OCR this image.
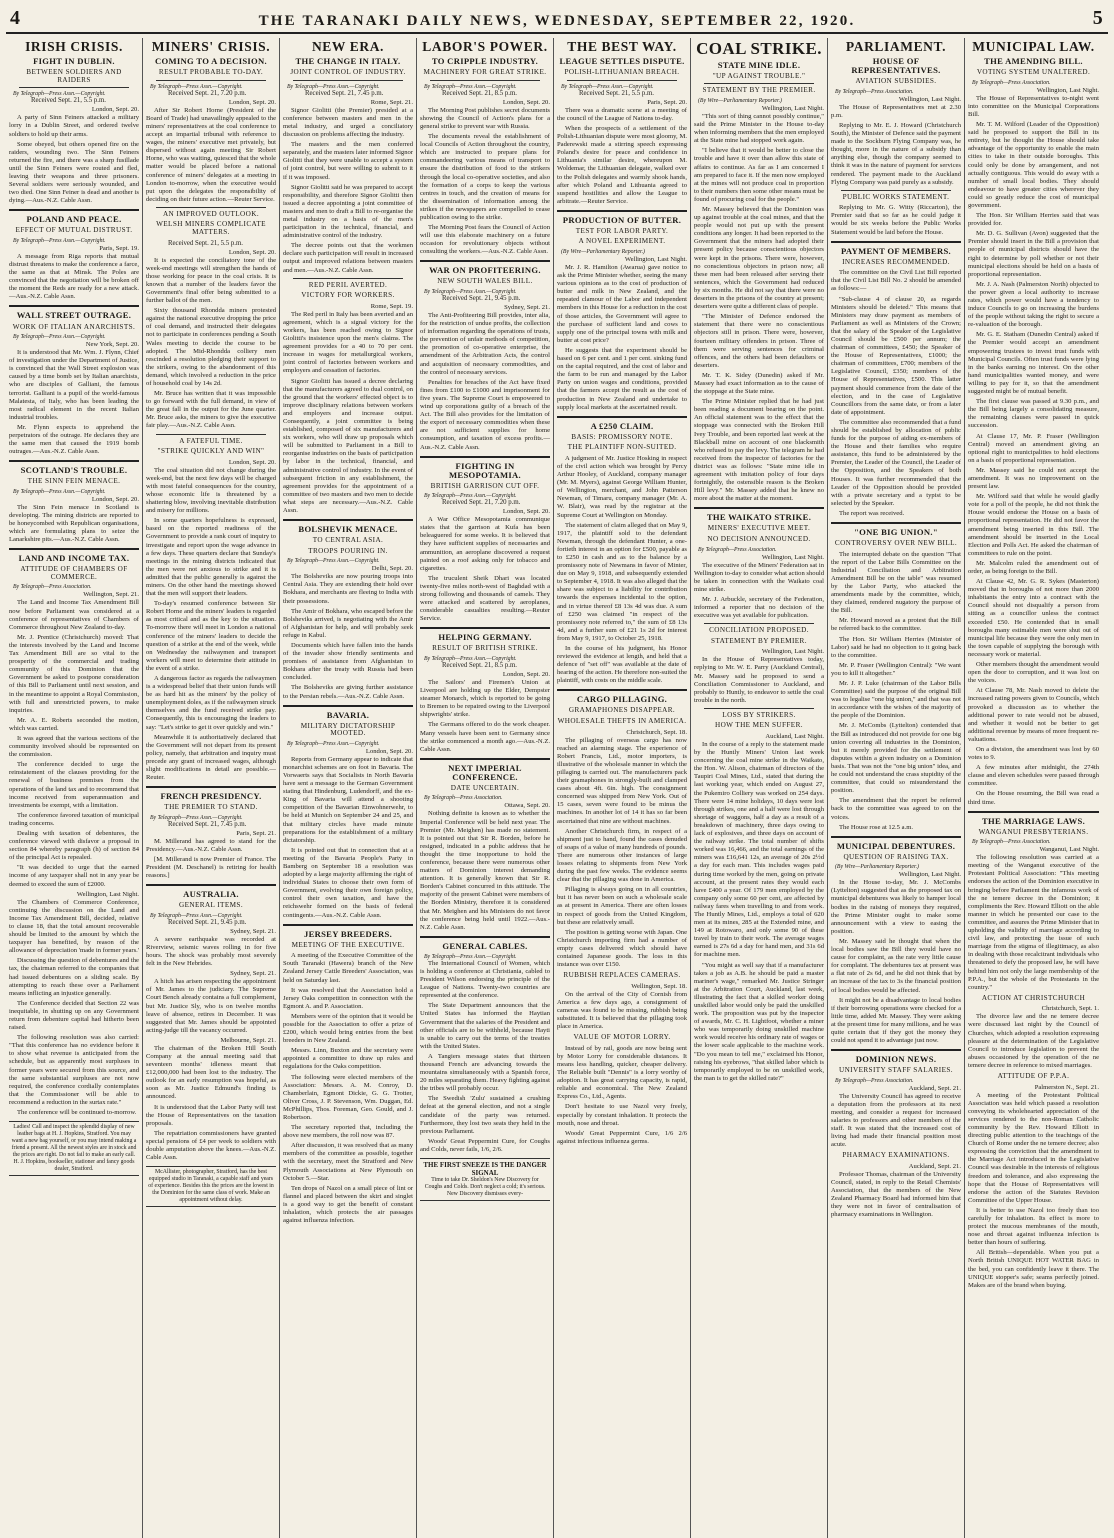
4	THE TARANAKI DAILY NEWS, WEDNESDAY, SEPTEMBER 22, 1920.	5
IRISH CRISIS.
FIGHT IN DUBLIN.
BETWEEN SOLDIERS AND RAIDERS
By Telegraph—Press Assn.—Copyright.
Received Sept. 21, 5.5 p.m.
London, Sept. 20.
A party of Sinn Feiners attacked a military lorry in a Dublin Street, and ordered twelve soldiers to hold up their arms.
Some obeyed, but others opened fire on the raiders, wounding two. The Sinn Feiners returned the fire, and there was a sharp fusillade until the Sinn Feiners were routed and fled, leaving their weapons and three prisoners. Several soldiers were seriously wounded, and two died. One Sinn Feiner is dead and another is dying.—Aus.-N.Z. Cable Assn.
POLAND AND PEACE.
EFFECT OF MUTUAL DISTRUST.
By Telegraph—Press Assn.—Copyright.
Paris, Sept. 19.
A message from Riga reports that mutual distrust threatens to make the conference a farce, the same as that at Minsk. The Poles are convinced that the negotiation will be broken off the moment the Reds are ready for a new attack.—Aus.-N.Z. Cable Assn.
WALL STREET OUTRAGE.
WORK OF ITALIAN ANARCHISTS.
By Telegraph—Press Assn.—Copyright.
New York, Sept. 20.
It is understood that Mr. Wm. J. Flynn, Chief of investigation under the Department of Justice, is convinced that the Wall Street explosion was caused by a time bomb set by Italian anarchists, who are disciples of Galliani, the famous terrorist. Galliani is a pupil of the world-famous Malatesta, of Italy, who has been leading the most radical element in the recent Italian industrial troubles.
Mr. Flynn expects to apprehend the perpetrators of the outrage. He declares they are the same men that caused the 1919 bomb outrages.—Aus.-N.Z. Cable Assn.
SCOTLAND'S TROUBLE.
THE SINN FEIN MENACE.
By Telegraph—Press Assn.—Copyright.
London, Sept. 20.
The Sinn Fein menace in Scotland is developing. The mining districts are reported to be honeycombed with Republican organisations, which are formulating plans to seize the Lanarkshire pits.—Aus.-N.Z. Cable Assn.
LAND AND INCOME TAX.
ATTITUDE OF CHAMBERS OF COMMERCE.
By Telegraph—Press Association.
Wellington, Sept. 21.
The Land and Income Tax Amendment Bill now before Parliament was considered at a conference of representatives of Chambers of Commerce throughout New Zealand to-day.
Mr. J. Prentice (Christchurch) moved: That the interests involved by the Land and Income Tax Amendment Bill are so vital to the prosperity of the commercial and trading community of this Dominion that the Government be asked to postpone consideration of this Bill to Parliament until next session, and in the meantime to appoint a Royal Commission, with full and unrestricted powers, to make inquiries.
Mr. A. E. Roberts seconded the motion, which was carried.
It was agreed that the various sections of the community involved should be represented on the commission.
The conference decided to urge the reinstatement of the clauses providing for the renewal of business premises from the operations of the land tax and to recommend that income received from superannuation and investments be exempt, with a limitation.
The conference favored taxation of municipal trading concerns.
Dealing with taxation of debentures, the conference viewed with disfavor a proposal in section 84 whereby paragraph (h) of section 84 of the principal Act is repealed.
"It was decided to urge that the earned income of any taxpayer shall not in any year be deemed to exceed the sum of £2000.
Wellington, Last Night.
The Chambers of Commerce Conference, continuing the discussion on the Land and Income Tax Amendment Bill, decided, relative to clause 18, that the total amount recoverable should be limited to the amount by which the taxpayer has benefited, by reason of the allowance of depreciation 'made in former years.'
Discussing the question of debentures and the tax, the chairman referred to the companies that had issued debentures on a sliding scale. By attempting to reach these over a Parliament means inflicting an injustice generally.
The Conference decided that Section 22 was inequitable, in shutting up on any Government return from debenture capital had hitherto been raised.
The following resolution was also carried: "That this conference has no evidence before it to show what revenue is anticipated from the schedule, but as apparently most surpluses in former years were secured from this source, and the same substantial surpluses are not now required, the conference cordially contemplates that the Commissioner will be able to recommend a reduction in the surtax rate."
The conference will be continued to-morrow.
Ladies! Call and inspect the splendid display of new leather bags at H. J. Hopkins, Stratford. You may want a new bag yourself, or you may intend making a friend a present. All the newest styles are in stock and the prices are right. Do not fail to make an early call. H. J. Hopkins, bookseller, stationer and fancy goods dealer, Stratford.
MINERS' CRISIS.
COMING TO A DECISION.
RESULT PROBABLE TO-DAY.
By Telegraph—Press Assn.—Copyright.
Received Sept. 21, 7.20 p.m.
London, Sept. 20.
After Sir Robert Horne (President of the Board of Trade) had unavailingly appealed to the miners' representatives at the coal conference to accept an impartial tribunal with reference to wages, the miners' executive met privately, but dispersed without again meeting Sir Robert Horne, who was waiting, quiesced that the whole matter would be placed before a national conference of miners' delegates at a meeting in London to-morrow, when the executive would put upon the delegates the responsibility of deciding on their future action.—Reuter Service.
AN IMPROVED OUTLOOK.
WELSH MINERS COMPLICATE MATTERS.
Received Sept. 21, 5.5 p.m.
London, Sept. 20.
It is expected the conciliatory tone of the week-end meetings will strengthen the hands of those working for peace in the coal crisis. It is known that a number of the leaders favor the Government's final offer being submitted to a further ballot of the men.
Sixty thousand Rhondda miners protested against the national executive dropping the price of coal demand, and instructed their delegates not to participate in conferences pending a South Wales meeting to decide the course to be adopted. The Mid-Rhondda colliery men rescinded a resolution pledging their support to the strikers, owing to the abandonment of this demand, which involved a reduction in the price of household coal by 14s 2d.
Mr. Bruce has written that it was impossible to go forward with the full demand, in view of the great fall in the output for the June quarter. Mr. Bruce asks, the miners to give the executive fair play.—Aus.-N.Z. Cable Assn.
A FATEFUL TIME.
"STRIKE QUICKLY AND WIN"
London, Sept. 20.
The coal situation did not change during the week-end, but the next few days will be charged with most fateful consequences for the country, whose economic life is threatened by a shattering blow, involving inevitable distribution and misery for millions.
In some quarters hopefulness is expressed, based on the reported readiness of the Government to provide a rank court of inquiry to investigate and report upon the wage advance in a few days. These quarters declare that Sunday's meetings in the mining districts indicated that the men were not anxious to strike and it is admitted that the public generally is against the miners. On the other hand the meetings showed that the men will support their leaders.
To-day's resumed conference between Sir Robert Horne and the miners' leaders is regarded as most critical and as the key to the situation. To-morrow there will meet in London a national conference of the miners' leaders to decide the question of a strike at the end of the week, while on Wednesday the railwaymen and transport workers will meet to determine their attitude in the event of a strike.
A dangerous factor as regards the railwaymen is a widespread belief that their union funds will be as hard hit as the miners' by the policy of unemployment doles, as if the railwaymen struck themselves and the fund received strike pay. Consequently, this is encouraging the leaders to say: "Let's strike to get it over quickly and win."
Meanwhile it is authoritatively declared that the Government will not depart from its present policy, namely, that arbitration and inquiry must precede any grant of increased wages, although slight modifications in detail are possible.—Reuter.
FRENCH PRESIDENCY.
THE PREMIER TO STAND.
By Telegraph—Press Assn.—Copyright.
Received Sept. 21, 7.45 p.m.
Paris, Sept. 21.
M. Millerand has agreed to stand for the Presidency.—Aus.-N.Z. Cable Assn.
[M. Millerand is now Premier of France. The President (M. Deschanel) is retiring for health reasons.]
AUSTRALIA.
GENERAL ITEMS.
By Telegraph—Press Assn.—Copyright.
Received Sept. 21, 9.45 p.m.
Sydney, Sept. 21.
A severe earthquake was recorded at Riverview, seismic waves rolling in for five hours. The shock was probably most severely felt in the New Hebrides.
Sydney, Sept. 21.
A hitch has arisen respecting the appointment of Mr. James to the judiciary. The Supreme Court Bench already contains a full complement, but Mr. Justice Sly, who is on twelve months leave of absence, retires in December. It was suggested that Mr. James should be appointed acting-judge till the vacancy occurred.
Melbourne, Sept. 21.
The chairman of the Broken Hill South Company at the annual meeting said that seventeen months' idleness meant that £12,000,000 had been lost to the industry. The outlook for an early resumption was hopeful, as soon as Mr. Justice Edmund's finding is announced.
It is understood that the Labor Party will test the House of Representatives on the taxation proposals.
The repatriation commissioners have granted special pensions of £4 per week to soldiers with double amputation above the knees.—Aus.-N.Z. Cable Assn.
McAllister, photographer, Stratford, has the best equipped studio in Taranaki, a capable staff and years of experience. Besides this the prices are the lowest in the Dominion for the same class of work. Make an appointment without delay.
NEW ERA.
THE CHANGE IN ITALY.
JOINT CONTROL OF INDUSTRY.
By Telegraph—Press Assn.—Copyright.
Received Sept. 21, 7.45 p.m.
Rome, Sept. 21.
Signor Giolitti (the Premier) presided at a conference between masters and men in the metal industry, and urged a conciliatory discussion on problems affecting the industry.
The masters and the men conferred separately, and the masters later informed Signor Giolitti that they were unable to accept a system of joint control, but were willing to submit to it if it was imposed.
Signor Giolitti said he was prepared to accept responsibility, and therefore Signor Giolitti then issued a decree appointing a joint committee of masters and men to draft a Bill to re-organise the metal industry on a basis of the men's participation in the technical, financial, and administrative control of the industry.
The decree points out that the workmen declare such participation will result in increased output and improved relations between masters and men.—Aus.-N.Z. Cable Assn.
RED PERIL AVERTED.
VICTORY FOR WORKERS.
Rome, Sept. 19.
The Red peril in Italy has been averted and an agreement, which is a signal victory for the workers, has been reached owing to Signor Giolitti's insistence upon the men's claims. The agreement provides for a 40 to 70 per cent. increase in wages for metallurgical workers, joint control of factories between workers and employers and cessation of factories.
Signor Giolitti has issued a decree declaring that the manufacturers agreed to dual control, on the ground that the workers' effected object is to improve disciplinary relations between workers and employers and increase output. Consequently, a joint committee is being established, composed of six manufacturers and six workers, who will draw up proposals which will be submitted to Parliament in a Bill to reorganise industries on the basis of participation by labor in the technical, financial, and administrative control of industry. In the event of subsequent friction in any establishment, the agreement provides for the appointment of a committee of two masters and two men to decide what steps are necessary.—Aus.-N.Z. Cable Assn.
BOLSHEVIK MENACE.
TO CENTRAL ASIA.
TROOPS POURING IN.
By Telegraph—Press Assn.—Copyright.
Delhi, Sept. 20.
The Bolsheviks are now pouring troops into Central Asia. They are extending their hold over Bokhara, and merchants are fleeing to India with their possessions.
The Amir of Bokhara, who escaped before the Bolsheviks arrived, is negotiating with the Amir of Afghanistan for help, and will probably seek refuge in Kabul.
Documents which have fallen into the hands of the invader show friendly sentiments and promises of assistance from Afghanistan to Bokhara after the treaty with Russia had been concluded.
The Bolsheviks are giving further assistance to the Persian rebels.—Aus.-N.Z. Cable Assn.
BAVARIA.
MILITARY DICTATORSHIP MOOTED.
By Telegraph—Press Assn.—Copyright.
London, Sept. 20.
Reports from Germany appear to indicate that monarchist schemes are on foot in Bavaria. The Vorwaerts says that Socialists in North Bavaria have sent a message to the German Government stating that Hindenburg, Ludendorff, and the ex-King of Bavaria will attend a shooting competition of the Bavarian Einwohnerwehr, to be held at Munich on September 24 and 25, and that military circles have made minute preparations for the establishment of a military dictatorship.
It is pointed out that in connection that at a meeting of the Bavaria People's Party in Bamberg on September 18 a resolution was adopted by a large majority affirming the right of individual States to choose their own form of Government, evolving their own foreign policy, control their own taxation, and have the reichswehr formed on the basis of federal contingents.—Aus.-N.Z. Cable Assn.
JERSEY BREEDERS.
MEETING OF THE EXECUTIVE.
A meeting of the Executive Committee of the South Taranaki (Hawera) branch of the New Zealand Jersey Cattle Breeders' Association, was held on Saturday last.
It was resolved that the Association hold a Jersey Oaks competition in connection with the Egmont A. and P. Association.
Members were of the opinion that it would be possible for the Association to offer a prize of £200, which would bring entries from the best breeders in New Zealand.
Messrs. Linn, Buxton and the secretary were appointed a committee to draw up rules and regulations for the Oaks competition.
The following were elected members of the Association: Messrs. A. M. Conroy, D. Chamberlain, Egmont Dickie, G. G. Trotter, Oliver Cross, J. P. Stevenson, Wm. Duggan, Ed. McPhillips, Thos. Foreman, Geo. Gould, and J. Robertson.
The secretary reported that, including the above new members, the roll now was 87.
After discussion, it was resolved that as many members of the committee as possible, together with the secretary, meet the Stratford and New Plymouth Associations at New Plymouth on October 5.—Star.
Ten drops of Nazol on a small piece of lint or flannel and placed between the skirt and singlet is a good way to get the benefit of constant inhalation, which protects the air passages against influenza infection.
LABOR'S POWER.
TO CRIPPLE INDUSTRY.
MACHINERY FOR GREAT STRIKE.
By Telegraph—Press Assn.—Copyright.
Received Sept. 21, 8.5 p.m.
London, Sept. 20.
The Morning Post publishes secret documents showing the Council of Action's plans for a general strike to prevent war with Russia.
The documents reveal the establishment of local Councils of Action throughout the country, which are instructed to prepare plans for commandeering various means of transport to ensure the distribution of food to the strikers through the local co-operative societies, and also the formation of a corps to keep the various centres in touch, and the creation of means for the dissemination of information among the strikes if the newspapers are compelled to cease publication owing to the strike.
The Morning Post fears the Council of Action will use this elaborate machinery on a future occasion for revolutionary objects without consulting the workers.—Aus.-N.Z. Cable Assn.
WAR ON PROFITEERING.
NEW SOUTH WALES BILL.
By Telegraph—Press Assn.—Copyright.
Received Sept. 21, 9.45 p.m.
Sydney, Sept. 21.
The Anti-Profiteering Bill provides, inter alia, for the restriction of undue profits, the collection of information regarding the operations of trusts, the prevention of unfair methods of competition, the promotion of co-operative enterprise, the amendment of the Arbitration Acts, the control and acquisition of necessary commodities, and the control of necessary services.
Penalties for breaches of the Act have fixed fines from £100 to £1000 and imprisonment for five years. The Supreme Court is empowered to wind up corporations guilty of a breach of the Act. The Bill also provides for the limitation of the export of necessary commodities when these are not sufficient supplies for home consumption, and taxation of excess profits.—Aus.-N.Z. Cable Assn.
FIGHTING IN MESOPOTAMIA.
BRITISH GARRISON CUT OFF.
By Telegraph—Press Assn.—Copyright.
Received Sept. 21, 7.20 p.m.
London, Sept. 20.
A War Office Mesopotamia communique states that the garrison at Kufa has been beleaguered for some weeks. It is believed that they have sufficient supplies of necessaries and ammunition, an aeroplane discovered a request painted on a roof asking only for tobacco and cigarettes.
The truculent Sheik Dhari was located twenty-five miles north-west of Baghdad with a strong following and thousands of camels. They were attacked and scattered by aeroplanes, considerable casualties resulting.—Reuter Service.
HELPING GERMANY.
RESULT OF BRITISH STRIKE.
By Telegraph—Press Assn.—Copyright.
Received Sept. 21, 8.5 p.m.
London, Sept. 20.
The Sailors' and Firemen's Union at Liverpool are holding up the Elder, Dempster steamer Monarch, which is reported to be going to Bremen to be repaired owing to the Liverpool shipwrights' strike.
The Germans offered to do the work cheaper. Many vessels have been sent to Germany since the strike commenced a month ago.—Aus.-N.Z. Cable Assn.
NEXT IMPERIAL CONFERENCE.
DATE UNCERTAIN.
By Telegraph—Press Association.
Ottawa, Sept. 20.
Nothing definite is known as to whether the Imperial Conference will be held next year. The Premier (Mr. Meighen) has made no statement. It is pointed out that Sir R. Borden, before he resigned, indicated in a public address that he thought the time inopportune to hold the conference, because there were numerous other matters of Dominion interest demanding attention. It is generally known that Sir R. Borden's Cabinet concurred in this attitude. The majority of the present Cabinet were members of the Borden Ministry, therefore it is considered that Mr. Meighen and his Ministers do not favor the conference being held until 1922.—Aus.-N.Z. Cable Assn.
GENERAL CABLES.
By Telegraph—Press Assn.—Copyright.
The International Council of Women, which is holding a conference at Christiania, cabled to President Wilson endorsing the principle of the League of Nations. Twenty-two countries are represented at the conference.
The State Department announces that the United States has informed the Haytian Government that the salaries of the President and other officials are to be withheld, because Hayti is unable to carry out the terms of the treaties with the United States.
A Tangiers message states that thirteen thousand French are advancing towards the mountains simultaneously with a Spanish force, 20 miles separating them. Heavy fighting against the tribes will probably occur.
The Swedish 'Zulu' sustained a crushing defeat at the general election, and not a single candidate of the party was returned. Furthermore, they lost two seats they held in the previous Parliament.
Woods' Great Peppermint Cure, for Coughs and Colds, never fails, 1/6, 2/6.
THE FIRST SNEEZE IS THE DANGER SIGNAL
Time to take Dr. Sheldon's New Discovery for Coughs and Colds. Don't neglect a cold; it's serious. New Discovery dismisses every-
THE BEST WAY.
LEAGUE SETTLES DISPUTE.
POLISH-LITHUANIAN BREACH.
By Telegraph—Press Assn.—Copyright.
Received Sept. 21, 5.5 p.m.
Paris, Sept. 20.
There was a dramatic scene at a meeting of the council of the League of Nations to-day.
When the prospects of a settlement of the Polish-Lithuanian dispute were most gloomy, M. Paderewski made a stirring speech expressing Poland's desire for peace and confidence in Lithuania's similar desire, whereupon M. Woldemar, the Lithuanian delegate, walked over to the Polish delegates and warmly shook hands, after which Poland and Lithuania agreed to suspend hostilities and allow the League to arbitrate.—Reuter Service.
PRODUCTION OF BUTTER.
TEST FOR LABOR PARTY.
A NOVEL EXPERIMENT.
(By Wire—Parliamentary Reporter.)
Wellington, Last Night.
Mr. J. R. Hamilton (Awarua) gave notice to ask the Prime Minister whether, seeing the many various opinions as to the cost of production of butter and milk in New Zealand, and the repeated clamour of the Labor and independent members in this House for a reduction in the cost of those articles, the Government will agree to the purchase of sufficient land and cows to supply one of the principal towns with milk and butter at cost price?
He suggests that the experiment should be based on 6 per cent. and 1 per cent. sinking fund on the capital required, and the cost of labor and the farm to be run and managed by the Labor Party on union wages and conditions, provided that the farmers accept the result as the cost of production in New Zealand and undertake to supply local markets at the ascertained result.
A £250 CLAIM.
BASIS: PROMISSORY NOTE.
THE PLAINTIFF NON-SUITED.
A judgment of Mr. Justice Hosking in respect of the civil action which was brought by Percy Arthur Hooley, of Auckland, company manager (Mr. M. Myers), against George William Hunter, of Wellington, merchant, and John Patterson Newman, of Timaru, company manager (Mr. A. W. Blair), was read by the registrar at the Supreme Court at Wellington on Monday.
The statement of claim alleged that on May 9, 1917, the plaintiff sold to the defendant Newman, through the defendant Hunter, a one-fortieth interest in an option for £500, payable as to £250 in cash and as to the balance by a promissory note of Newmans in favor of Minter, due on May 9, 1918, and subsequently extended to September 4, 1918. It was also alleged that the share was subject to a liability for contribution towards the expenses incidental to the option, and in virtue thereof £8 13s 4d was due. A sum of £250 was claimed "in respect of the promissory note referred to," the sum of £8 13s 4d, and a further sum of £21 1s 2d for interest from May 9, 1917, to October 25, 1918.
In the course of his judgment, his Honor reviewed the evidence at length, and held that a defence of "set off" was available at the date of hearing of the action. He therefore non-suited the plaintiff, with costs on the middle scale.
CARGO PILLAGING.
GRAMAPHONES DISAPPEAR.
WHOLESALE THEFTS IN AMERICA.
Christchurch, Sept. 18.
The pillaging of overseas cargo has now reached an alarming stage. The experience of Robert Francis, Ltd., motor importers, is illustrative of the wholesale manner in which the pillaging is carried out. The manufacturers pack their gramaphones in strongly-built and clamped cases about 4ft. 6in. high. The consignment concerned was shipped from New York. Out of 15 cases, seven were found to be minus the machines. In another lot of 14 it has so far been ascertained that nine are without machines.
Another Christchurch firm, in respect of a shipment just to hand, found the cases denuded of soaps of a value of many hundreds of pounds. There are numerous other instances of large losses relating to shipments from New York during the past few weeks. The evidence seems clear that the pillaging was done in America.
Pillaging is always going on in all countries, but it has never been on such a wholesale scale as at present in America. There are often losses in respect of goods from the United Kingdom, but these are relatively small.
The position is getting worse with Japan. One Christchurch importing firm had a number of empty cases delivered which should have contained Japanese goods. The loss in this instance was over £150.
RUBBISH REPLACES CAMERAS.
Wellington, Sept. 18.
On the arrival of the City of Cornish from America a few days ago, a consignment of cameras was found to be missing, rubbish being substituted. It is believed that the pillaging took place in America.
VALUE OF MOTOR LORRY.
Instead of by rail, goods are now being sent by Motor Lorry for considerable distances. It means less handling, quicker, cheaper delivery. The Reliable built "Dennis" is a lorry worthy of adoption. It has great carrying capacity, is rapid, reliable and economical. The New Zealand Express Co., Ltd., Agents.
Don't hesitate to use Nazol very freely, especially by constant inhalation. It protects the mouth, nose and throat.
Woods' Great Peppermint Cure, 1/6 2/6 against infectious influenza germs.
COAL STRIKE.
STATE MINE IDLE.
"UP AGAINST TROUBLE."
STATEMENT BY THE PREMIER.
(By Wire—Parliamentary Reporter.)
Wellington, Last Night.
"This sort of thing cannot possibly continue," said the Prime Minister in the House to-day when informing members that the men employed at the State mine had stopped work again.
"I believe that it would be better to close the trouble and have it over than allow this state of affairs to continue. As far as I am concerned I am prepared to face it. If the men now employed at the mines will not produce coal in proportion to their numbers then some other means must be found of procuring coal for the people."
Mr. Massey believed that the Dominion was up against trouble at the coal mines, and that the people would not put up with the present conditions any longer. It had been reported to the Government that the miners had adopted their present policy because conscientious objectors were kept in the prisons. There were, however, no conscientious objectors in prison now; all these men had been released after serving their sentences, which the Government had reduced by six months. He did not say that there were no deserters in the prisons of the country at present; deserters were quite a different class of people.
"The Minister of Defence endorsed the statement that there were no conscientious objectors still in prison. There were, however, fourteen military offenders in prison. Three of them were serving sentences for criminal offences, and the others had been defaulters or deserters.
Mr. T. K. Sidey (Dunedin) asked if Mr. Massey had exact information as to the cause of the stoppage at the State mine.
The Prime Minister replied that he had just been reading a document bearing on the point. An official statement was to the effect that the stoppage was connected with the Broken Hill Ivey Trouble, and been reported last week at the Blackball mine on account of one blacksmith who refused to pay the levy. The telegram he had received from the inspector of factories for the district was as follows: "State mine idle in agreement with imitation policy of four days fortnightly, the ostensible reason is the Broken Hill levy." Mr. Massey added that he knew no more about the matter at the moment.
THE WAIKATO STRIKE.
MINERS' EXECUTIVE MEET.
NO DECISION ANNOUNCED.
By Telegraph—Press Association.
Wellington, Last Night.
The executive of the Miners' Federation sat in Wellington to-day to consider what action should be taken in connection with the Waikato coal mine strike.
Mr. J. Arbuckle, secretary of the Federation, informed a reporter that no decision of the executive was yet available for publication.
CONCILIATION PROPOSED.
STATEMENT BY PREMIER.
Wellington, Last Night.
In the House of Representatives today, replying to Mr. W. E. Parry (Auckland Central), Mr. Massey said he proposed to send a Conciliation Commissioner to Auckland, and probably to Huntly, to endeavor to settle the coal trouble in the north.
LOSS BY STRIKERS.
HOW THE MEN SUFFER.
Auckland, Last Night.
In the course of a reply to the statement made by the Huntly Miners' Union last week concerning the coal mine strike in the Waikato, the Hon. W. Alison, chairman of directors of the Taupiri Coal Mines, Ltd., stated that during the last working year, which ended on August 27, the Pukemiro Colliery was worked on 254 days. There were 14 mine holidays, 10 days were lost through strikes, one and a half were lost through shortage of waggons, half a day as a result of a breakdown of machinery, three days owing to lack of explosives, and three days on account of the railway strike. The total number of shifts worked was 16,466, and the total earnings of the miners was £16,641 12s, an average of 20s 2½d a day for each man. This includes wages paid during time worked by the men, going on private account, at the present rates they would each have £400 a year. Of 179 men employed by the company only some 60 per cent, are affected by railway fares when travelling to and from work. The Huntly Mines, Ltd., employs a total of 620 men at its mines, 285 at the Extended mine, and 149 at Rotowaro, and only some 90 of these travel by train to their work. The average wages earned is 27s 6d a day for hand men, and 31s 6d for machine men.
"You might as well say that if a manufacturer takes a job as A.B. he should be paid a master mariner's wage," remarked Mr. Justice Stringer at the Arbitration Court, Auckland, last week, illustrating the fact that a skilled worker doing unskilled labor would only be paid the unskilled work. The proposition was put by the inspector of awards, Mr. C. H. Lightfoot, whether a miner who was temporarily doing unskilled machine work would receive his ordinary rate of wages or the lower scale applicable to the machine work. "Do you mean to tell me," exclaimed his Honor, raising his eyebrows, "that skilled labor which is temporarily employed to be on unskilled work, the man is to get the skilled rate?"
PARLIAMENT.
HOUSE OF REPRESENTATIVES.
AVIATION SUBSIDIES.
By Telegraph—Press Association.
Wellington, Last Night.
The House of Representatives met at 2.30 p.m.
Replying to Mr. E. J. Howard (Christchurch South), the Minister of Defence said the payment made to the Sockburn Flying Company was, he thought, more in the nature of a subsidy than anything else, though the company seemed to think it was in the nature of payment for services rendered. The payment made to the Auckland Flying Company was paid purely as a subsidy.
PUBLIC WORKS STATEMENT.
Replying to Mr. G. Witty (Riccarton), the Premier said that so far as he could judge it would be six weeks before the Public Works Statement would be laid before the House.
PAYMENT OF MEMBERS.
INCREASES RECOMMENDED.
The committee on the Civil List Bill reported that the Civil List Bill No. 2 should be amended as follows:—
"Sub-clause 4 of clause 20, as regards Ministers should be deleted." This means that Ministers may draw payment as members of Parliament as well as Ministers of the Crown; that the salary of the Speaker of the Legislative Council should be £500 per annum; the chairman of committees, £450; the Speaker of the House of Representatives, £1000; the chairman of committees, £700; members of the Legislative Council, £350; members of the House of Representatives, £500. This latter payment should commence from the date of the election, and in the case of Legislative Councillors from the same date, or from a later date of appointment.
The committee also recommended that a fund should be established by allocation of public funds for the purpose of aiding ex-members of the House and their families who require assistance, this fund to be administered by the Premier, the Leader of the Council, the Leader of the Opposition, and the Speakers of both Houses. It was further recommended that the Leader of the Opposition should be provided with a private secretary and a typist to be selected by the Speaker.
The report was received.
"ONE BIG UNION."
CONTROVERSY OVER NEW BILL.
The interrupted debate on the question "That the report of the Labor Bills Committee on the Industrial Conciliation and Arbitration Amendment Bill be on the table" was resumed by the Labor Party, who attacked the amendments made by the committee, which, they claimed, rendered nugatory the purpose of the Bill.
Mr. Howard moved as a protest that the Bill be referred back to the committee.
The Hon. Sir William Herries (Minister of Labor) said he had no objection to it going back to the committee.
Mr. P. Fraser (Wellington Central): "We want you to kill it altogether."
Mr. J. P. Luke (chairman of the Labor Bills Committee) said the purpose of the original Bill was to legalise "one big union," and that was not in accordance with the wishes of the majority of the people of the Dominion.
Mr. J. McCombs (Lyttelton) contended that the Bill as introduced did not provide for one big union covering all industries in the Dominion, but it merely provided for the settlement of disputes within a given industry on a Dominion basis. That was not the "one big union" idea, and he could not understand the crass stupidity of the committee, that could so misunderstand the position.
The amendment that the report be referred back to the committee was agreed to on the voices.
The House rose at 12.5 a.m.
MUNICIPAL DEBENTURES.
QUESTION OF RAISING TAX.
(By Wire—Parliamentary Reporter.)
Wellington, Last Night.
In the House to-day, Mr. J. McCombs (Lyttelton) suggested that as the proposed tax on municipal debentures was likely to hamper local bodies in the raising of moneys they required, the Prime Minister ought to make some announcement with a view to easing the position.
Mr. Massey said he thought that when the local bodies saw the Bill they would have no cause for complaint, as the rate very little cause for complaint. The debentures tax at present was a flat rate of 2s 6d, and he did not think that by an increase of the tax to 3s the financial position of local bodies would be affected.
It might not be a disadvantage to local bodies if their borrowing operations were checked for a little time, added Mr. Massey. They were asking at the present time for many millions, and he was quite certain that if they got the money they could not spend it to advantage just now.
DOMINION NEWS.
UNIVERSITY STAFF SALARIES.
By Telegraph—Press Association.
Auckland, Sept. 21.
The University Council has agreed to receive a deputation from the professors at its next meeting, and consider a request for increased salaries to professors and other members of the staff. It was stated that the increased cost of living had made their financial position most acute.
PHARMACY EXAMINATIONS.
Auckland, Sept. 21.
Professor Thomas, chairman of the University Council, stated, in reply to the Retail Chemists' Association, that the members of the New Zealand Pharmacy Board had informed him that they were not in favor of centralisation of pharmacy examinations in Wellington.
MUNICIPAL LAW.
THE AMENDING BILL.
VOTING SYSTEM UNALTERED.
By Telegraph—Press Association.
Wellington, Last Night.
The House of Representatives to-night went into committee on the Municipal Corporations Bill.
Mr. T. M. Wilford (Leader of the Opposition) said he proposed to support the Bill in its entirety, but he thought the House should take advantage of the opportunity to enable the main cities to take in their outside boroughs. This could only be done by arrangement, and not actually contiguous. This would do away with a number of small local bodies. They should endeavour to have greater cities wherever they could so greatly reduce the cost of municipal government.
The Hon. Sir William Herries said that was provided for.
Mr. D. G. Sullivan (Avon) suggested that the Premier should insert in the Bill a provision that people of municipal districts should have the right to determine by poll whether or not their municipal elections should be held on a basis of proportional representation.
Mr. J. A. Nash (Palmerston North) objected to the power given a local authority to increase rates, which power would have a tendency to induce Councils to go on increasing the burdens of the people without taking the right to secure a re-valuation of the borough.
Mr. G. E. Statham (Dunedin Central) asked if the Premier would accept an amendment empowering trustees to invest trust funds with Municipal Councils. Often trust funds were lying in the banks earning no interest. On the other hand municipalities wanted money, and were willing to pay for it, so that the amendment suggested might be of mutual benefit.
The first clause was passed at 9.30 p.m., and the Bill being largely a consolidating measure, the remaining clauses were passed in quick succession.
At Clause 17, Mr. P. Fraser (Wellington Central) moved an amendment giving an optional right to municipalities to hold elections on a basis of proportional representation.
Mr. Massey said he could not accept the amendment. It was no improvement on the present law.
Mr. Wilford said that while he would gladly vote for a poll of the people, he did not think the House would endorse the House on a basis of proportional representation. He did not favor the amendment being inserted in this Bill. The amendment should be inserted in the Local Election and Polls Act. He asked the chairman of committees to rule on the point.
Mr. Malcolm ruled the amendment out of order, as being foreign to the Bill.
At Clause 42, Mr. G. R. Sykes (Masterton) moved that in boroughs of not more than 2000 inhabitants the entry into a contract with the Council should not disqualify a person from sitting as a councillor unless the contract exceeded £50. He contended that in small boroughs many estimable men were shut out of municipal life because they were the only men in the town capable of supplying the borough with necessary work or material.
Other members thought the amendment would open the door to corruption, and it was lost on the voices.
At Clause 78, Mr. Nash moved to delete the increased rating powers given to Councils, which provoked a discussion as to whether the additional power to rate would not be abused, and whether it would not be better to get additional revenue by means of more frequent re-valuations.
On a division, the amendment was lost by 60 votes to 9.
A few minutes after midnight, the 274th clause and eleven schedules were passed through committee.
On the House resuming, the Bill was read a third time.
THE MARRIAGE LAWS.
WANGANUI PRESBYTERIANS.
By Telegraph—Press Association.
Wanganui, Last Night.
The following resolution was carried at a meeting of the Wanganui executive of the Protestant Political Association: "This meeting endorses the action of the Dominion executive in bringing before Parliament the infamous work of the ne temere decree in the Dominion; it compliments the Rev. Howard Elliott on the able manner in which he presented our case to the committee, and assures the Prime Minister that in upholding the validity of marriage according to civil law, and protecting the issue of such marriage from the stigma of illegitimacy, as also in dealing with those recalcitrant individuals who threatened to defy the proposed law, he will have behind him not only the large membership of the P.P.A., but the whole of the Protestants in the country."
ACTION AT CHRISTCHURCH
Christchurch, Sept. 1.
The divorce law and the ne temere decree were discussed last night by the Council of Churches, which adopted a resolution expressing pleasure at the determination of the Legislative Council to introduce legislation to prevent the abuses occasioned by the operation of the ne temere decree in reference to mixed marriages.
ATTITUDE OF P.P.A.
Palmerston N., Sept. 21.
A meeting of the Protestant Political Association was held which passed a resolution conveying its wholehearted appreciation of the services rendered to the non-Roman Catholic community by the Rev. Howard Elliott in directing public attention to the teachings of the Church of Rome under the ne temere decree; also expressing the conviction that the amendment to the Marriage Act introduced in the Legislative Council was desirable in the interests of religious freedom and tolerance, and also expressing the hope that the House of Representatives will endorse the action of the Statutes Revision Committee of the Upper House.
It is better to use Nazol too freely than too carefully for inhalation. Its effect is more to protect the mucous membranes of the mouth, nose and throat against influenza infection is better than hours of suffering.
All British—dependable. When you put a North British UNIQUE HOT WATER BAG in the bed, you can confidently leave it there. The UNIQUE stopper's safe; seams perfectly joined. Makes are of the brand when buying.
